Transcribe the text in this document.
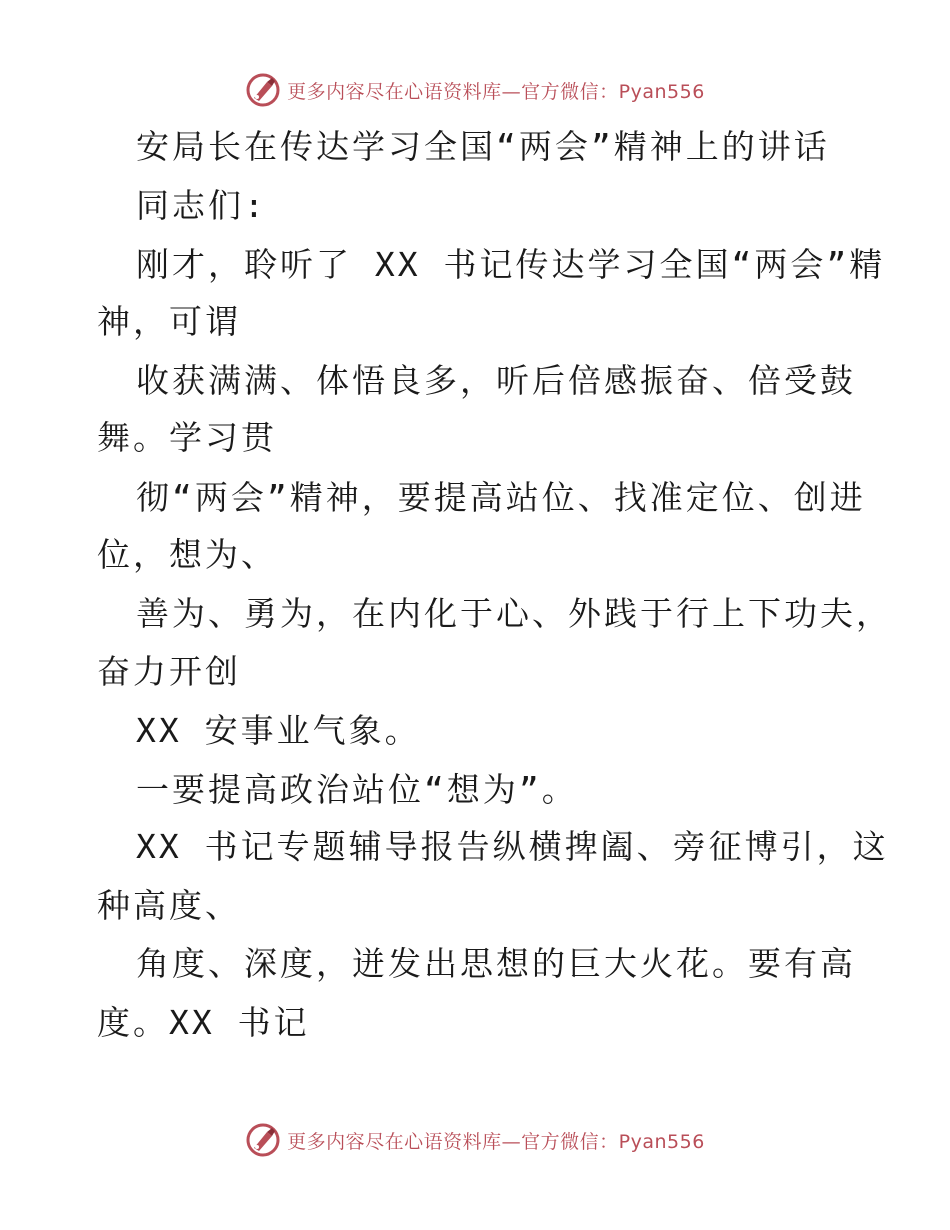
更多内容尽在心语资料库—官方微信：Pyan556
安局长在传达学习全国“两会”精神上的讲话
同志们:
刚才，聆听了 XX 书记传达学习全国“两会”精
神，可谓
收获满满、体悟良多，听后倍感振奋、倍受鼓
舞。学习贯
彻“两会”精神，要提高站位、找准定位、创进
位，想为、
善为、勇为，在内化于心、外践于行上下功夫，
奋力开创
XX 安事业气象。
一要提高政治站位“想为”。
XX 书记专题辅导报告纵横捭阖、旁征博引，这
种高度、
角度、深度，迸发出思想的巨大火花。要有高
度。XX 书记
更多内容尽在心语资料库—官方微信：Pyan556
